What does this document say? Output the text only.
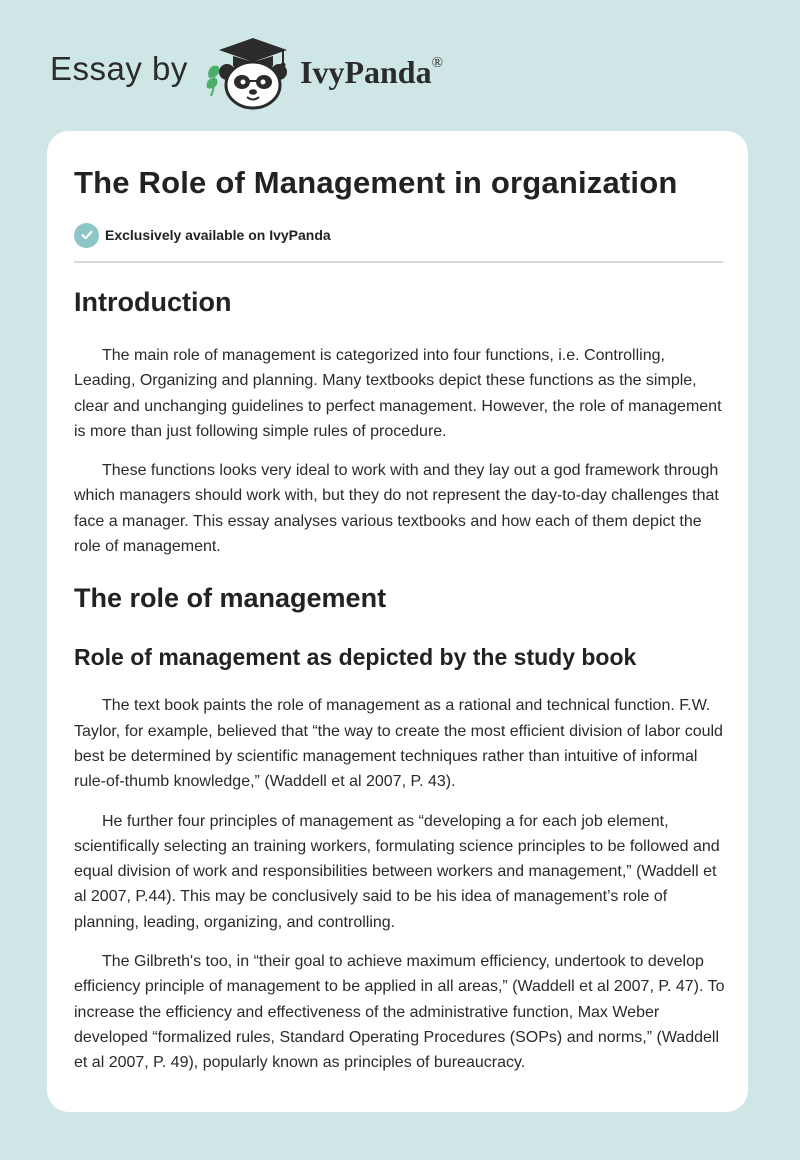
Essay by	IvyPanda®
The Role of Management in organization
Exclusively available on IvyPanda
Introduction

The main role of management is categorized into four functions, i.e. Controlling, Leading, Organizing and planning. Many textbooks depict these functions as the simple, clear and unchanging guidelines to perfect management. However, the role of management is more than just following simple rules of procedure.

These functions looks very ideal to work with and they lay out a god framework through which managers should work with, but they do not represent the day-to-day challenges that face a manager. This essay analyses various textbooks and how each of them depict the role of management.

The role of management
Role of management as depicted by the study book

The text book paints the role of management as a rational and technical function. F.W. Taylor, for example, believed that “the way to create the most efficient division of labor could best be determined by scientific management techniques rather than intuitive of informal rule-of-thumb knowledge,” (Waddell et al 2007, P. 43).

He further four principles of management as “developing a for each job element, scientifically selecting an training workers, formulating science principles to be followed and equal division of work and responsibilities between workers and management,” (Waddell et al 2007, P.44). This may be conclusively said to be his idea of management’s role of planning, leading, organizing, and controlling.

The Gilbreth's too, in “their goal to achieve maximum efficiency, undertook to develop efficiency principle of management to be applied in all areas,” (Waddell et al 2007, P. 47). To increase the efficiency and effectiveness of the administrative function, Max Weber developed “formalized rules, Standard Operating Procedures (SOPs) and norms,” (Waddell et al 2007, P. 49), popularly known as principles of bureaucracy.
